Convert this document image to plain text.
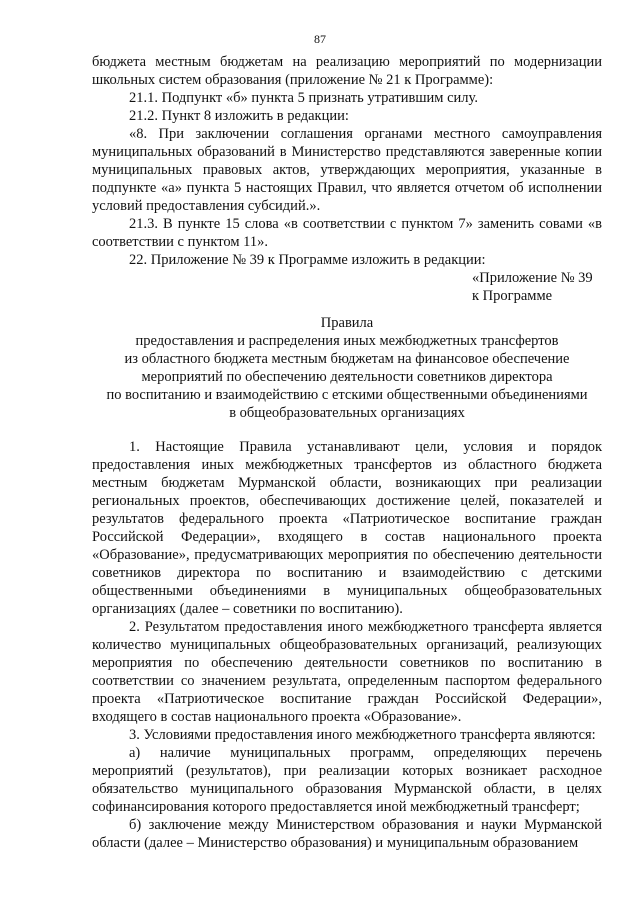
87

бюджета местным бюджетам на реализацию мероприятий по модернизации школьных систем образования (приложение № 21 к Программе):

21.1. Подпункт «б» пункта 5 признать утратившим силу.

21.2. Пункт 8 изложить в редакции:

«8. При заключении соглашения органами местного самоуправления муниципальных образований в Министерство представляются заверенные копии муниципальных правовых актов, утверждающих мероприятия, указанные в подпункте «а» пункта 5 настоящих Правил, что является отчетом об исполнении условий предоставления субсидий.».

21.3. В пункте 15 слова «в соответствии с пунктом 7» заменить совами «в соответствии с пунктом 11».

22. Приложение № 39 к Программе изложить в редакции:

«Приложение № 39
к Программе
Правила
предоставления и распределения иных межбюджетных трансфертов
из областного бюджета местным бюджетам на финансовое обеспечение
мероприятий по обеспечению деятельности советников директора
по воспитанию и взаимодействию с етскими общественными объединениями
в общеобразовательных организациях

1. Настоящие Правила устанавливают цели, условия и порядок предоставления иных межбюджетных трансфертов из областного бюджета местным бюджетам Мурманской области, возникающих при реализации региональных проектов, обеспечивающих достижение целей, показателей и результатов федерального проекта «Патриотическое воспитание граждан Российской Федерации», входящего в состав национального проекта «Образование», предусматривающих мероприятия по обеспечению деятельности советников директора по воспитанию и взаимодействию с детскими общественными объединениями в муниципальных общеобразовательных организациях (далее – советники по воспитанию).

2. Результатом предоставления иного межбюджетного трансферта является количество муниципальных общеобразовательных организаций, реализующих мероприятия по обеспечению деятельности советников по воспитанию в соответствии со значением результата, определенным паспортом федерального проекта «Патриотическое воспитание граждан Российской Федерации», входящего в состав национального проекта «Образование».

3. Условиями предоставления иного межбюджетного трансферта являются:

а) наличие муниципальных программ, определяющих перечень мероприятий (результатов), при реализации которых возникает расходное обязательство муниципального образования Мурманской области, в целях софинансирования которого предоставляется иной межбюджетный трансферт;

б) заключение между Министерством образования и науки Мурманской области (далее – Министерство образования) и муниципальным образованием
